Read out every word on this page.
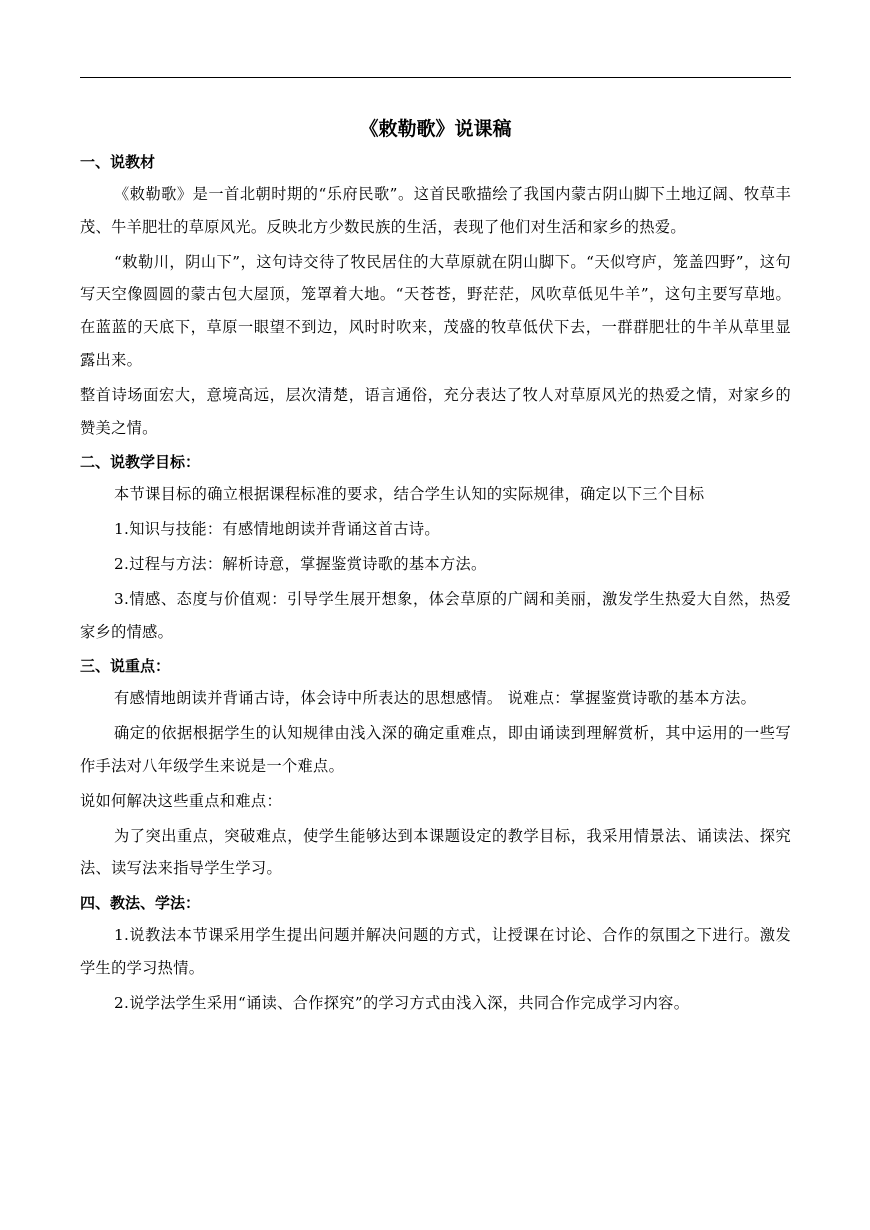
《敕勒歌》说课稿
一、说教材

《敕勒歌》是一首北朝时期的“乐府民歌”。这首民歌描绘了我国内蒙古阴山脚下土地辽阔、牧草丰茂、牛羊肥壮的草原风光。反映北方少数民族的生活，表现了他们对生活和家乡的热爱。

“敕勒川，阴山下”，这句诗交待了牧民居住的大草原就在阴山脚下。“天似穹庐，笼盖四野”，这句写天空像圆圆的蒙古包大屋顶，笼罩着大地。“天苍苍，野茫茫，风吹草低见牛羊”，这句主要写草地。在蓝蓝的天底下，草原一眼望不到边，风时时吹来，茂盛的牧草低伏下去，一群群肥壮的牛羊从草里显露出来。

整首诗场面宏大，意境高远，层次清楚，语言通俗，充分表达了牧人对草原风光的热爱之情，对家乡的赞美之情。

二、说教学目标：

本节课目标的确立根据课程标准的要求，结合学生认知的实际规律，确定以下三个目标

1.知识与技能：有感情地朗读并背诵这首古诗。

2.过程与方法：解析诗意，掌握鉴赏诗歌的基本方法。

3.情感、态度与价值观：引导学生展开想象，体会草原的广阔和美丽，激发学生热爱大自然，热爱家乡的情感。

三、说重点：

有感情地朗读并背诵古诗，体会诗中所表达的思想感情。 说难点：掌握鉴赏诗歌的基本方法。

确定的依据根据学生的认知规律由浅入深的确定重难点，即由诵读到理解赏析，其中运用的一些写作手法对八年级学生来说是一个难点。

说如何解决这些重点和难点：

为了突出重点，突破难点，使学生能够达到本课题设定的教学目标，我采用情景法、诵读法、探究法、读写法来指导学生学习。

四、教法、学法：

1.说教法本节课采用学生提出问题并解决问题的方式，让授课在讨论、合作的氛围之下进行。激发学生的学习热情。

2.说学法学生采用“诵读、合作探究”的学习方式由浅入深，共同合作完成学习内容。
